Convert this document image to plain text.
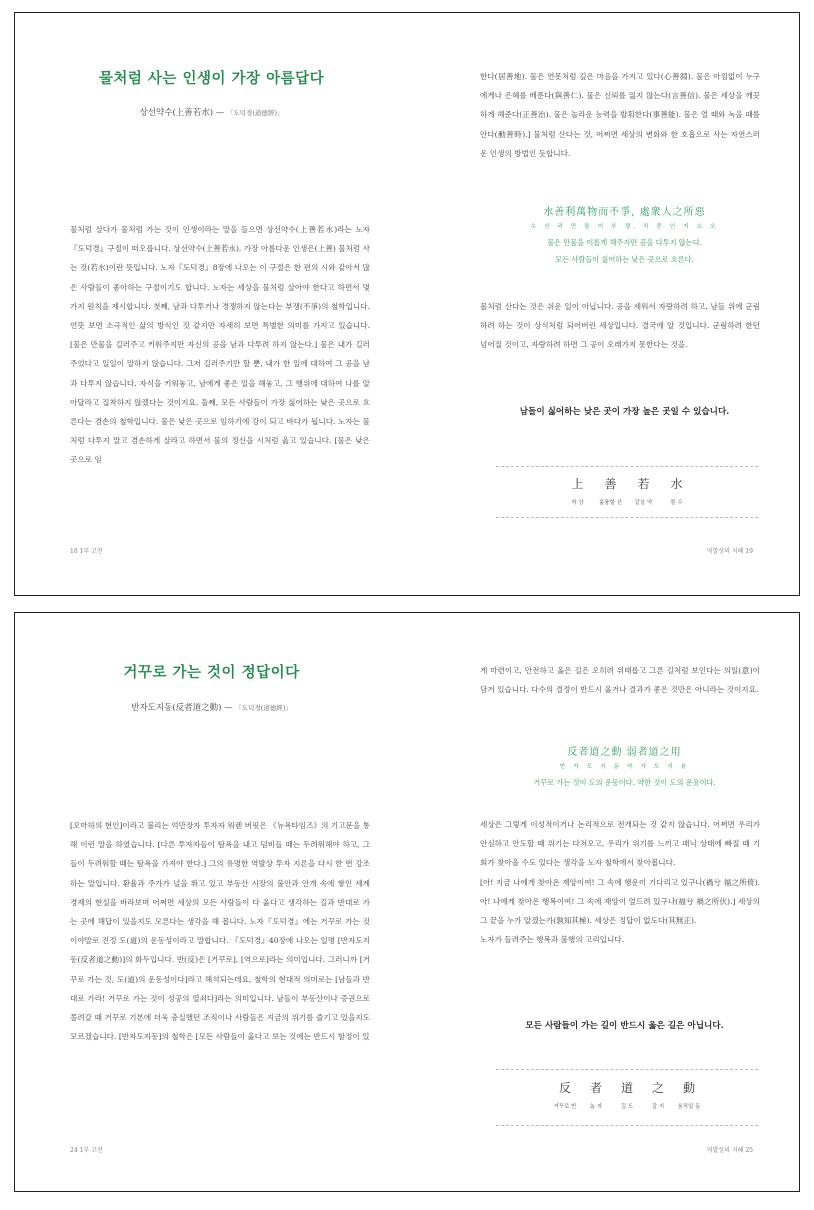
물처럼 사는 인생이 가장 아름답다
상선약수(上善若水) — 「도덕경(道德經)」

물처럼 살다가 물처럼 가는 것이 인생이라는 말을 들으면 상선약수(上善若水)라는 노자『도덕경』구절이 떠오릅니다. 상선약수(上善若水), 가장 아름다운 인생은(上善) 물처럼 사는 것(若水)이란 뜻입니다. 노자『도덕경』8장에 나오는 이 구절은 한 편의 시와 같아서 많은 사람들이 좋아하는 구절이기도 합니다. 노자는 세상을 물처럼 살아야 한다고 하면서 몇 가지 원칙을 제시합니다. 첫째, 남과 다투거나 경쟁하지 않는다는 부쟁(不爭)의 철학입니다. 언뜻 보면 소극적인 삶의 방식인 것 같지만 자세히 보면 특별한 의미를 가지고 있습니다. [물은 만물을 길러주고 키워주지만 자신의 공을 남과 다투려 하지 않는다.] 물은 내가 길러주었다고 일일이 말하지 않습니다. 그저 길러주기만 할 뿐, 내가 한 일에 대하여 그 공을 남과 다투지 않습니다. 자식을 키워놓고, 남에게 좋은 일을 해놓고, 그 행위에 대하여 나를 알아달라고 집착하지 않겠다는 것이지요. 둘째, 모든 사람들이 가장 싫어하는 낮은 곳으로 흐른다는 겸손의 철학입니다. 물은 낮은 곳으로 임하기에 강이 되고 바다가 됩니다. 노자는 물처럼 다투지 말고 겸손하게 살라고 하면서 물의 정신을 시처럼 읊고 있습니다. [물은 낮은 곳으로 임

18 1부 고전

한다(居善地). 물은 연못처럼 깊은 마음을 가지고 있다(心善淵). 물은 아낌없이 누구에게나 은혜를 베푼다(與善仁). 물은 신뢰를 잃지 않는다(言善信). 물은 세상을 깨끗하게 해준다(正善治). 물은 놀라운 능력을 발휘한다(事善能). 물은 얼 때와 녹을 때를 안다(動善時).] 물처럼 산다는 것, 어쩌면 세상의 변화와 한 호흡으로 사는 자연스러운 인생의 방법인 듯합니다.

水善利萬物而不爭, 處衆人之所惡
수 선 리 만 물 이 부 쟁, 처 중 인 지 소 오
물은 만물을 이롭게 해주지만 공을 다투지 않는다.
모든 사람들이 싫어하는 낮은 곳으로 흐른다.

물처럼 산다는 것은 쉬운 일이 아닙니다. 공을 세워서 자랑하려 하고, 남들 위에 군림하려 하는 것이 상식처럼 되어버린 세상입니다. 결국에 알 것입니다. 군림하려 한던 넘어질 것이고, 자랑하려 하면 그 공이 오래가지 못한다는 것을.

남들이 싫어하는 낮은 곳이 가장 높은 곳일 수 있습니다.
上
착 상
善
훌륭할 선
若
같을 약
水
물 수
역발상의 지혜 19
거꾸로 가는 것이 정답이다
반자도지동(反者道之動) — 「도덕경(道德經)」

[오마하의 현인]이라고 불리는 억만장자 투자자 워렌 버핏은 《뉴욕타임즈》의 기고문을 통해 이런 말을 하였습니다. [다른 투자자들이 탐욕을 내고 덤비들 때는 두려워해야 하고, 그들이 두려워할 때는 탐욕을 가져야 한다.] 그의 유명한 역발상 투자 지론을 다시 한 번 강조하는 말입니다. 환율과 주가가 널을 뛰고 있고 부동산 시장의 불안과 안개 속에 쌓인 세계 경제의 현실을 바라보며 어쩌면 세상의 모든 사람들이 다 옳다고 생각하는 길과 반대로 가는 곳에 해답이 있을지도 모른다는 생각을 해 봅니다. 노자『도덕경』에는 거꾸로 가는 것이야말로 진정 도(道)의 운동성이라고 말합니다. 『도덕경』40장에 나오는 일명 [반자도지동(反者道之動)]의 화두입니다. 반(反)은 [거꾸로], [역으로]라는 의미입니다. 그러니까 [거꾸로 가는 것, 도(道)의 운동성이다]라고 해석되는데요, 철학의 현대적 의미로는 [남들과 반대로 가라! 거꾸로 가는 것이 성공의 열쇠다]라는 의미입니다. 남들이 부동산이나 증권으로 몰려갈 때 거꾸로 기본에 더욱 충실했던 조직이나 사람들은 지금의 위기를 즐기고 있을지도 모르겠습니다. [반자도지동]의 철학은 [모든 사람들이 옳다고 보는 것에는 반드시 함정이 있

24 1부 고전

게 마련이고, 안전하고 옳은 길은 오히려 위태롭고 그른 길처럼 보인다는 의일(意)이 담겨 있습니다. 다수의 결정이 반드시 옳거나 결과가 좋은 것만은 아니라는 것이지요.

反者道之動 弱者道之用
반 자 도 지 동 약 자 도 지 용
거꾸로 가는 것이 도의 운동이다. 약한 것이 도의 운용이다.

세상은 그렇게 이성적이거나 논리적으로 전개되는 것 같지 않습니다. 어쩌면 우리가 안심하고 안도할 때 위기는 다쳐오고, 우리가 위기를 느끼고 패닉 상태에 빠질 때 기회가 찾아올 수도 있다는 생각을 노자 철학에서 찾아봅니다.

[아! 지금 나에게 찾아온 재앙이여! 그 속에 행운이 기다리고 있구나(禍兮 福之所倚). 아! 나에게 찾아온 행복이여! 그 속에 재앙이 엎드려 있구나(福兮 禍之所伏).] 세상의 그 끝을 누가 알겠는가(孰知其極). 세상은 정답이 없도다(其無正).

노자가 들려주는 행복과 불행의 고리입니다.

모든 사람들이 가는 길이 반드시 옳은 길은 아닙니다.
反
거꾸로 반
者
놈 자
道
길 도
之
갈 지
動
움직일 동
역발상의 지혜 25
